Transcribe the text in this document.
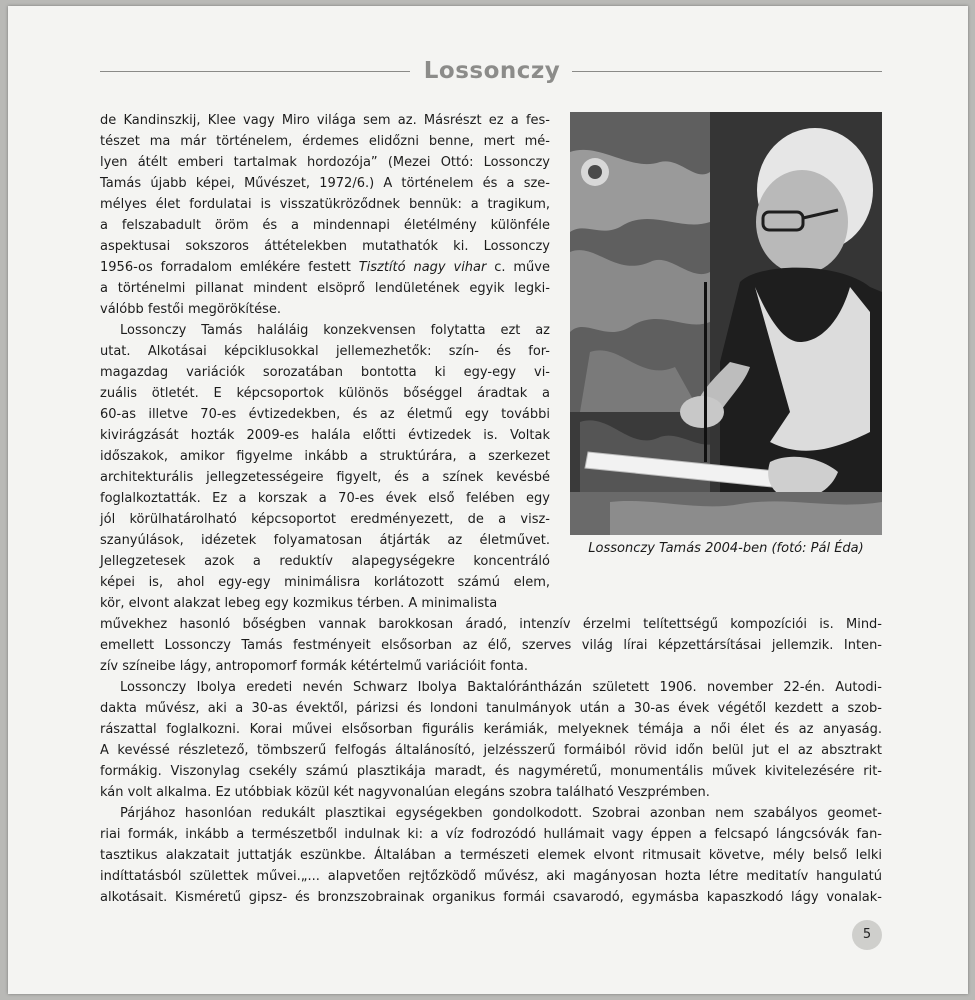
Lossonczy
Lossonczy Tamás 2004-ben (fotó: Pál Éda)
de Kandinszkij, Klee vagy Miro világa sem az. Másrészt ez a fes-
tészet ma már történelem, érdemes elidőzni benne, mert mé-
lyen átélt emberi tartalmak hordozója” (Mezei Ottó: Lossonczy
Tamás újabb képei, Művészet, 1972/6.) A történelem és a sze-
mélyes élet fordulatai is visszatükröződnek bennük: a tragikum,
a felszabadult öröm és a mindennapi életélmény különféle
aspektusai sokszoros áttételekben mutathatók ki. Lossonczy
1956-os forradalom emlékére festett Tisztító nagy vihar c. műve
a történelmi pillanat mindent elsöprő lendületének egyik legki-
válóbb festői megörökítése.
Lossonczy Tamás haláláig konzekvensen folytatta ezt az
utat. Alkotásai képciklusokkal jellemezhetők: szín- és for-
magazdag variációk sorozatában bontotta ki egy-egy vi-
zuális ötletét. E képcsoportok különös bőséggel áradtak a
60-as illetve 70-es évtizedekben, és az életmű egy további
kivirágzását hozták 2009-es halála előtti évtizedek is. Voltak
időszakok, amikor figyelme inkább a struktúrára, a szerkezet
architekturális jellegzetességeire figyelt, és a színek kevésbé
foglalkoztatták. Ez a korszak a 70-es évek első felében egy
jól körülhatárolható képcsoportot eredményezett, de a visz-
szanyúlások, idézetek folyamatosan átjárták az életművet.
Jellegzetesek azok a reduktív alapegységekre koncentráló
képei is, ahol egy-egy minimálisra korlátozott számú elem,
kör, elvont alakzat lebeg egy kozmikus térben. A minimalista
művekhez hasonló bőségben vannak barokkosan áradó, intenzív érzelmi telítettségű kompozíciói is. Mind-
emellett Lossonczy Tamás festményeit elsősorban az élő, szerves világ lírai képzettársításai jellemzik. Inten-
zív színeibe lágy, antropomorf formák kétértelmű variációit fonta.
Lossonczy Ibolya eredeti nevén Schwarz Ibolya Baktalórántházán született 1906. november 22-én. Autodi-
dakta művész, aki a 30-as évektől, párizsi és londoni tanulmányok után a 30-as évek végétől kezdett a szob-
rászattal foglalkozni. Korai művei elsősorban figurális kerámiák, melyeknek témája a női élet és az anyaság.
A kevéssé részletező, tömbszerű felfogás általánosító, jelzésszerű formáiból rövid időn belül jut el az absztrakt
formákig. Viszonylag csekély számú plasztikája maradt, és nagyméretű, monumentális művek kivitelezésére rit-
kán volt alkalma. Ez utóbbiak közül két nagyvonalúan elegáns szobra található Veszprémben.
Párjához hasonlóan redukált plasztikai egységekben gondolkodott. Szobrai azonban nem szabályos geomet-
riai formák, inkább a természetből indulnak ki: a víz fodrozódó hullámait vagy éppen a felcsapó lángcsóvák fan-
tasztikus alakzatait juttatják eszünkbe. Általában a természeti elemek elvont ritmusait követve, mély belső lelki
indíttatásból születtek művei.„... alapvetően rejtőzködő művész, aki magányosan hozta létre meditatív hangulatú
alkotásait. Kisméretű gipsz- és bronzszobrainak organikus formái csavarodó, egymásba kapaszkodó lágy vonalak-
5
